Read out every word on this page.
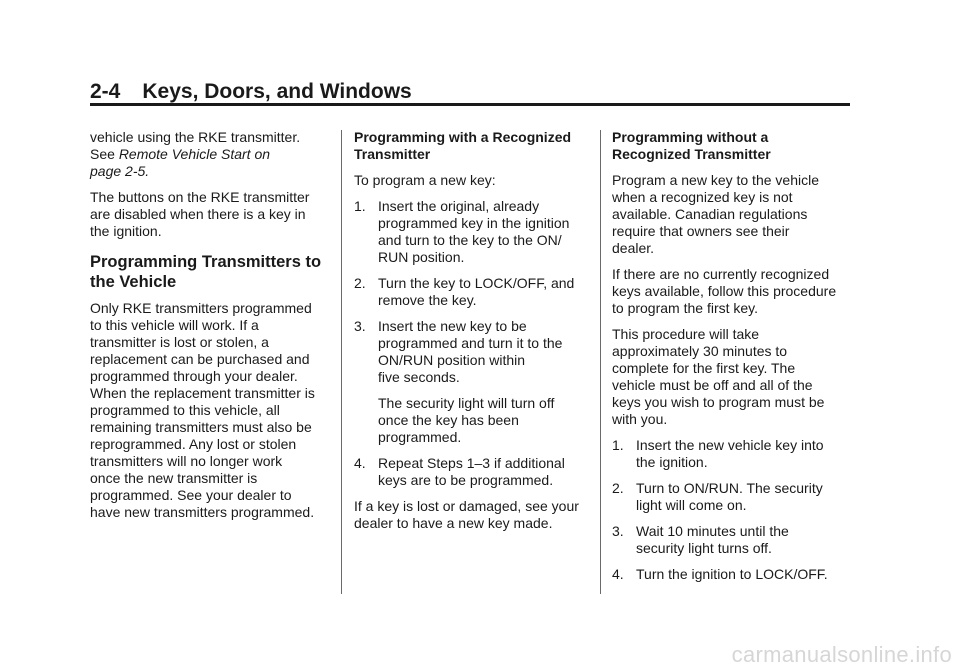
2-4 Keys, Doors, and Windows

vehicle using the RKE transmitter.
See Remote Vehicle Start on
page 2-5.

The buttons on the RKE transmitter
are disabled when there is a key in
the ignition.

Programming Transmitters to
the Vehicle

Only RKE transmitters programmed
to this vehicle will work. If a
transmitter is lost or stolen, a
replacement can be purchased and
programmed through your dealer.
When the replacement transmitter is
programmed to this vehicle, all
remaining transmitters must also be
reprogrammed. Any lost or stolen
transmitters will no longer work
once the new transmitter is
programmed. See your dealer to
have new transmitters programmed.

Programming with a Recognized
Transmitter

To program a new key:

1. Insert the original, already
programmed key in the ignition
and turn to the key to the ON/
RUN position.
2. Turn the key to LOCK/OFF, and
remove the key.
3. Insert the new key to be
programmed and turn it to the
ON/RUN position within
five seconds.
The security light will turn off
once the key has been
programmed.
4. Repeat Steps 1–3 if additional
keys are to be programmed.

If a key is lost or damaged, see your
dealer to have a new key made.

Programming without a
Recognized Transmitter

Program a new key to the vehicle
when a recognized key is not
available. Canadian regulations
require that owners see their
dealer.

If there are no currently recognized
keys available, follow this procedure
to program the first key.

This procedure will take
approximately 30 minutes to
complete for the first key. The
vehicle must be off and all of the
keys you wish to program must be
with you.

1. Insert the new vehicle key into
the ignition.
2. Turn to ON/RUN. The security
light will come on.
3. Wait 10 minutes until the
security light turns off.
4. Turn the ignition to LOCK/OFF.
carmanualsonline.info
